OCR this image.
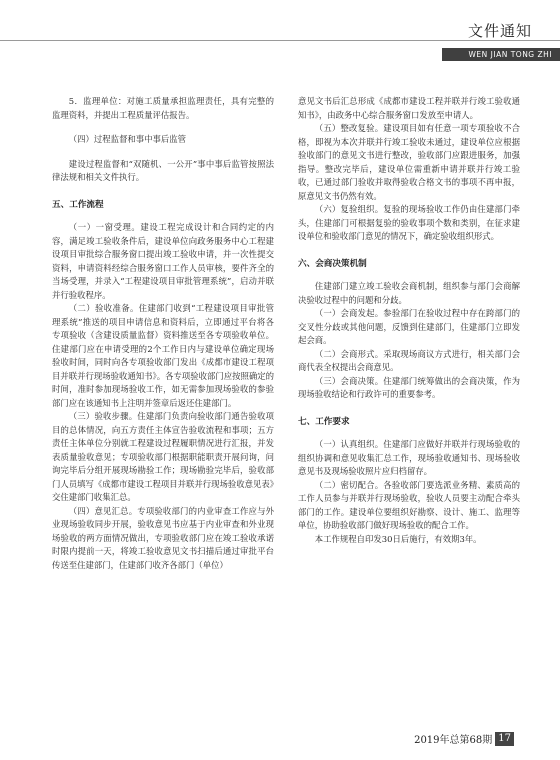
文件通知
WEN JIAN TONG ZHI

5．监理单位：对施工质量承担监理责任，具有完整的监理资料，并提出工程质量评估报告。

（四）过程监督和事中事后监管

建设过程监督和“双随机、一公开”事中事后监管按照法律法规和相关文件执行。

五、工作流程

（一）一窗受理。建设工程完成设计和合同约定的内容，满足竣工验收条件后，建设单位向政务服务中心工程建设项目审批综合服务窗口提出竣工验收申请，并一次性提交资料，申请资料经综合服务窗口工作人员审核，要件齐全的当场受理，并录入“工程建设项目审批管理系统”，启动并联并行验收程序。

（二）验收准备。住建部门收到“工程建设项目审批管理系统”推送的项目申请信息和资料后，立即通过平台将各专项验收（含建设质量监督）资料推送至各专项验收单位。住建部门应在申请受理的2个工作日内与建设单位确定现场验收时间，同时向各专项验收部门发出《成都市建设工程项目并联并行现场验收通知书》。各专项验收部门应按照确定的时间，准时参加现场验收工作，如无需参加现场验收的参验部门应在该通知书上注明并签章后返还住建部门。

（三）验收步骤。住建部门负责向验收部门通告验收项目的总体情况，向五方责任主体宣告验收流程和事项；五方责任主体单位分别就工程建设过程履职情况进行汇报，并发表质量验收意见；专项验收部门根据职能职责开展问询，问询完毕后分组开展现场勘验工作；现场勘验完毕后，验收部门人员填写《成都市建设工程项目并联并行现场验收意见表》交住建部门收集汇总。

（四）意见汇总。专项验收部门的内业审查工作应与外业现场验收同步开展，验收意见书应基于内业审查和外业现场验收的两方面情况做出，专项验收部门应在竣工验收承诺时限内提前一天，将竣工验收意见文书扫描后通过审批平台传送至住建部门，住建部门收齐各部门（单位）

意见文书后汇总形成《成都市建设工程并联并行竣工验收通知书》，由政务中心综合服务窗口发放至申请人。

（五）整改复验。建设项目如有任意一项专项验收不合格，即视为本次并联并行竣工验收未通过，建设单位应根据验收部门的意见文书进行整改，验收部门应跟进服务，加强指导。整改完毕后，建设单位需重新申请并联并行竣工验收，已通过部门验收并取得验收合格文书的事项不再申报，原意见文书仍然有效。

（六）复验组织。复验的现场验收工作仍由住建部门牵头，住建部门可根据复验的验收事项个数和类别，在征求建设单位和验收部门意见的情况下，确定验收组织形式。

六、会商决策机制

住建部门建立竣工验收会商机制，组织参与部门会商解决验收过程中的问题和分歧。

（一）会商发起。参验部门在验收过程中存在跨部门的交叉性分歧或其他问题，反馈到住建部门，住建部门立即发起会商。

（二）会商形式。采取现场商议方式进行，相关部门会商代表全权提出会商意见。

（三）会商决策。住建部门统筹做出的会商决策，作为现场验收结论和行政许可的重要参考。

七、工作要求

（一）认真组织。住建部门应做好并联并行现场验收的组织协调和意见收集汇总工作，现场验收通知书、现场验收意见书及现场验收照片应归档留存。

（二）密切配合。各验收部门要选派业务精、素质高的工作人员参与并联并行现场验收，验收人员要主动配合牵头部门的工作。建设单位要组织好勘察、设计、施工、监理等单位，协助验收部门做好现场验收的配合工作。

本工作规程自印发30日后施行，有效期3年。

2019年总第68期 17
